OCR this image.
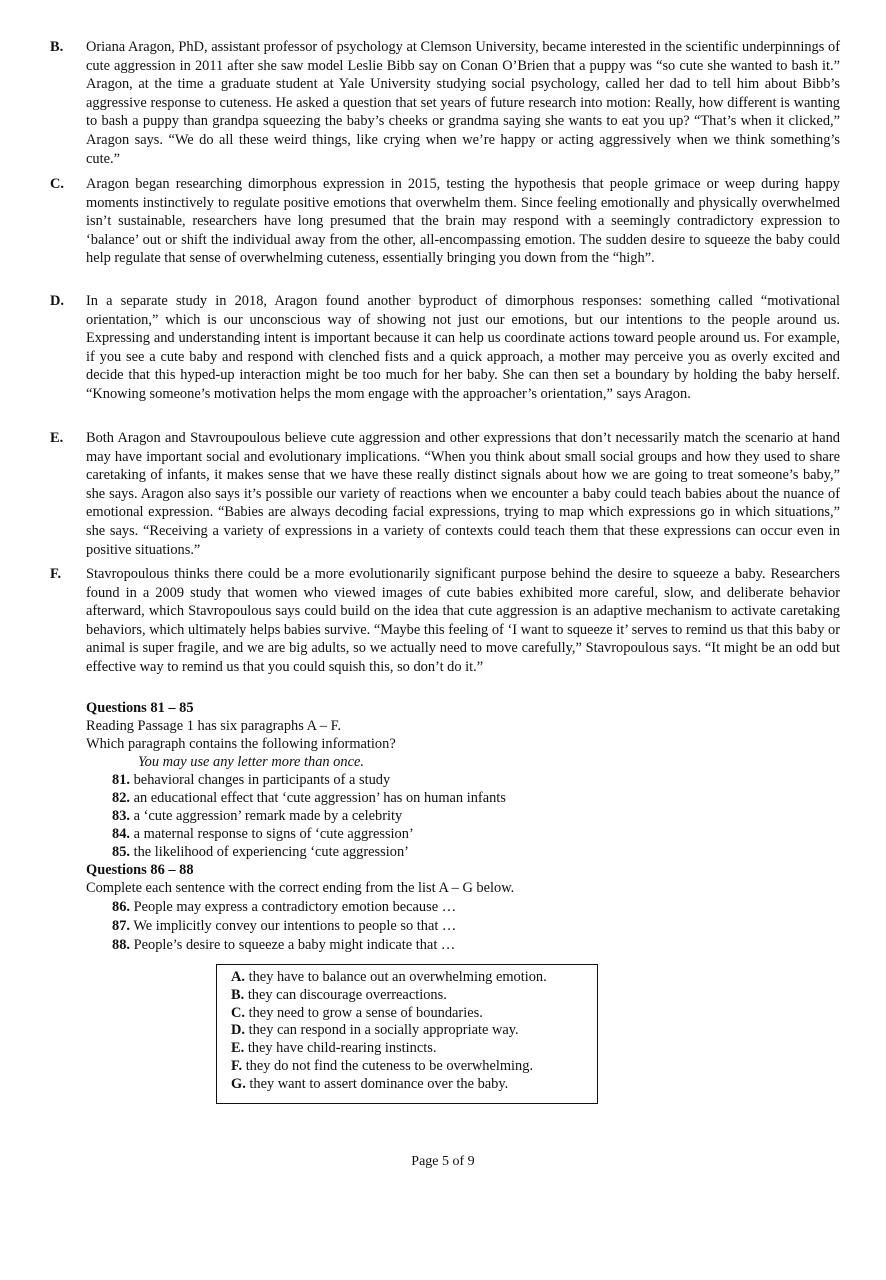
B. Oriana Aragon, PhD, assistant professor of psychology at Clemson University, became interested in the scientific underpinnings of cute aggression in 2011 after she saw model Leslie Bibb say on Conan O’Brien that a puppy was “so cute she wanted to bash it.” Aragon, at the time a graduate student at Yale University studying social psychology, called her dad to tell him about Bibb’s aggressive response to cuteness. He asked a question that set years of future research into motion: Really, how different is wanting to bash a puppy than grandpa squeezing the baby’s cheeks or grandma saying she wants to eat you up? “That’s when it clicked,” Aragon says. “We do all these weird things, like crying when we’re happy or acting aggressively when we think something’s cute.”
C. Aragon began researching dimorphous expression in 2015, testing the hypothesis that people grimace or weep during happy moments instinctively to regulate positive emotions that overwhelm them. Since feeling emotionally and physically overwhelmed isn’t sustainable, researchers have long presumed that the brain may respond with a seemingly contradictory expression to ‘balance’ out or shift the individual away from the other, all-encompassing emotion. The sudden desire to squeeze the baby could help regulate that sense of overwhelming cuteness, essentially bringing you down from the “high”.
D. In a separate study in 2018, Aragon found another byproduct of dimorphous responses: something called “motivational orientation,” which is our unconscious way of showing not just our emotions, but our intentions to the people around us. Expressing and understanding intent is important because it can help us coordinate actions toward people around us. For example, if you see a cute baby and respond with clenched fists and a quick approach, a mother may perceive you as overly excited and decide that this hyped-up interaction might be too much for her baby. She can then set a boundary by holding the baby herself. “Knowing someone’s motivation helps the mom engage with the approacher’s orientation,” says Aragon.
E. Both Aragon and Stavroupoulous believe cute aggression and other expressions that don’t necessarily match the scenario at hand may have important social and evolutionary implications. “When you think about small social groups and how they used to share caretaking of infants, it makes sense that we have these really distinct signals about how we are going to treat someone’s baby,” she says. Aragon also says it’s possible our variety of reactions when we encounter a baby could teach babies about the nuance of emotional expression. “Babies are always decoding facial expressions, trying to map which expressions go in which situations,” she says. “Receiving a variety of expressions in a variety of contexts could teach them that these expressions can occur even in positive situations.”
F. Stavropoulous thinks there could be a more evolutionarily significant purpose behind the desire to squeeze a baby. Researchers found in a 2009 study that women who viewed images of cute babies exhibited more careful, slow, and deliberate behavior afterward, which Stavropoulous says could build on the idea that cute aggression is an adaptive mechanism to activate caretaking behaviors, which ultimately helps babies survive. “Maybe this feeling of ‘I want to squeeze it’ serves to remind us that this baby or animal is super fragile, and we are big adults, so we actually need to move carefully,” Stavropoulous says. “It might be an odd but effective way to remind us that you could squish this, so don’t do it.”
Questions 81 – 85
Reading Passage 1 has six paragraphs A – F.
Which paragraph contains the following information?
You may use any letter more than once.
81. behavioral changes in participants of a study
82. an educational effect that ‘cute aggression’ has on human infants
83. a ‘cute aggression’ remark made by a celebrity
84. a maternal response to signs of ‘cute aggression’
85. the likelihood of experiencing ‘cute aggression’
Questions 86 – 88
Complete each sentence with the correct ending from the list A – G below.
86. People may express a contradictory emotion because …
87. We implicitly convey our intentions to people so that …
88. People’s desire to squeeze a baby might indicate that …
A. they have to balance out an overwhelming emotion.
B. they can discourage overreactions.
C. they need to grow a sense of boundaries.
D. they can respond in a socially appropriate way.
E. they have child-rearing instincts.
F. they do not find the cuteness to be overwhelming.
G. they want to assert dominance over the baby.
Page 5 of 9
